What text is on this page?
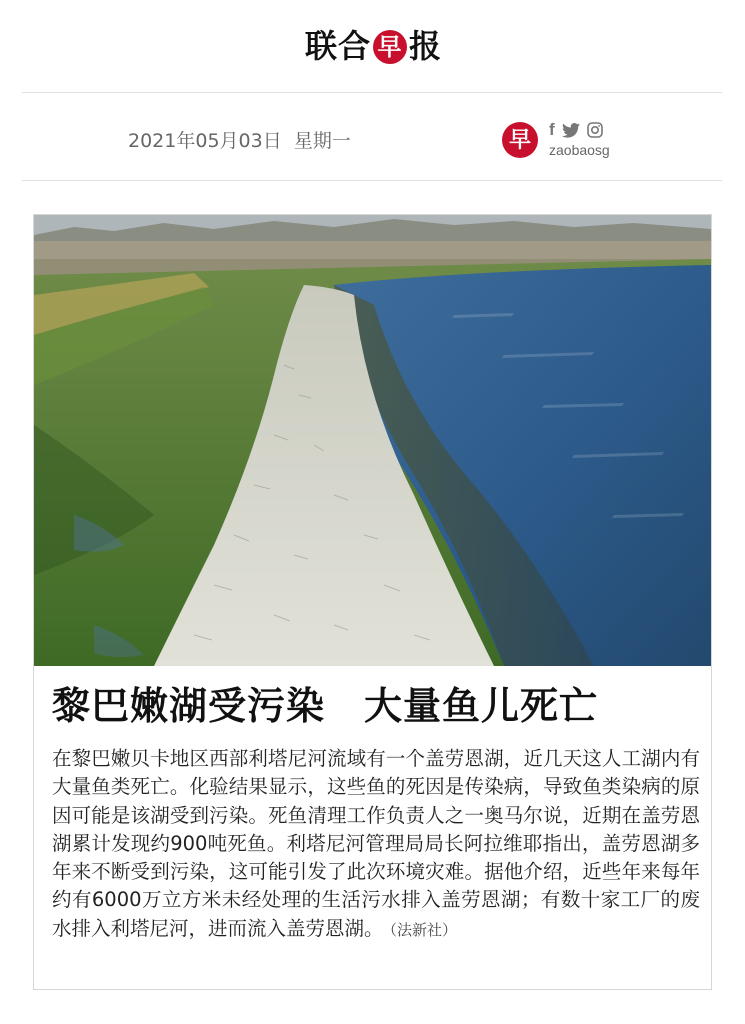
联合 早 报
2021年05月03日 星期一	早	f
zaobaosg
黎巴嫩湖受污染　大量鱼儿死亡
在黎巴嫩贝卡地区西部利塔尼河流域有一个盖劳恩湖，近几天这人工湖内有大量鱼类死亡。化验结果显示，这些鱼的死因是传染病，导致鱼类染病的原因可能是该湖受到污染。死鱼清理工作负责人之一奥马尔说，近期在盖劳恩湖累计发现约900吨死鱼。利塔尼河管理局局长阿拉维耶指出，盖劳恩湖多年来不断受到污染，这可能引发了此次环境灾难。据他介绍，近些年来每年约有6000万立方米未经处理的生活污水排入盖劳恩湖；有数十家工厂的废水排入利塔尼河，进而流入盖劳恩湖。 （法新社）
